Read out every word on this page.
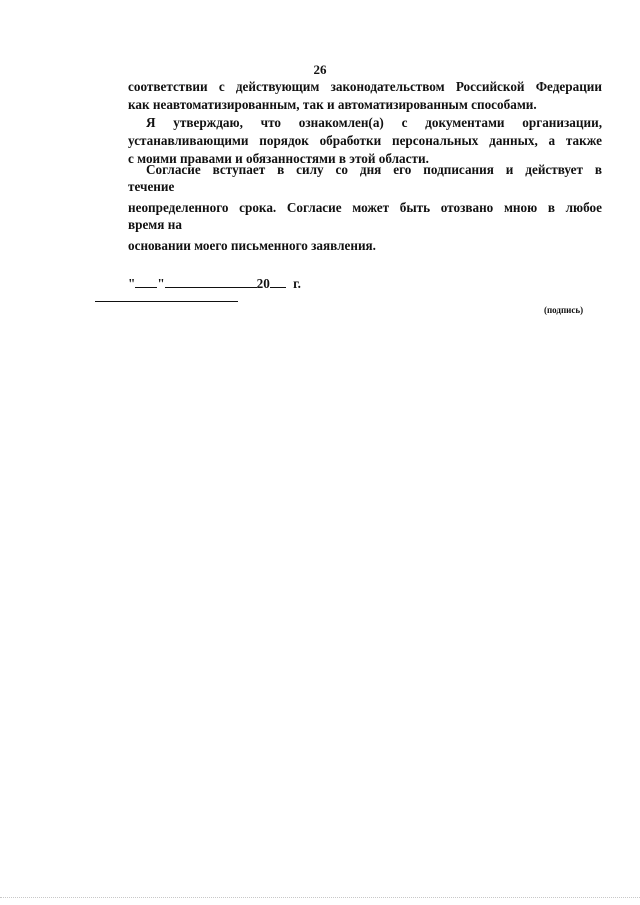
26
соответствии с действующим законодательством Российской Федерации
как неавтоматизированным, так и автоматизированным способами.
Я утверждаю, что ознакомлен(а) с документами организации,
устанавливающими порядок обработки персональных данных, а также
с моими правами и обязанностями в этой области.
Согласие вступает в силу со дня его подписания и действует в
течение
неопределенного срока. Согласие может быть отозвано мною в любое
время на
основании моего письменного заявления.
" "	20 г.
(подпись)
